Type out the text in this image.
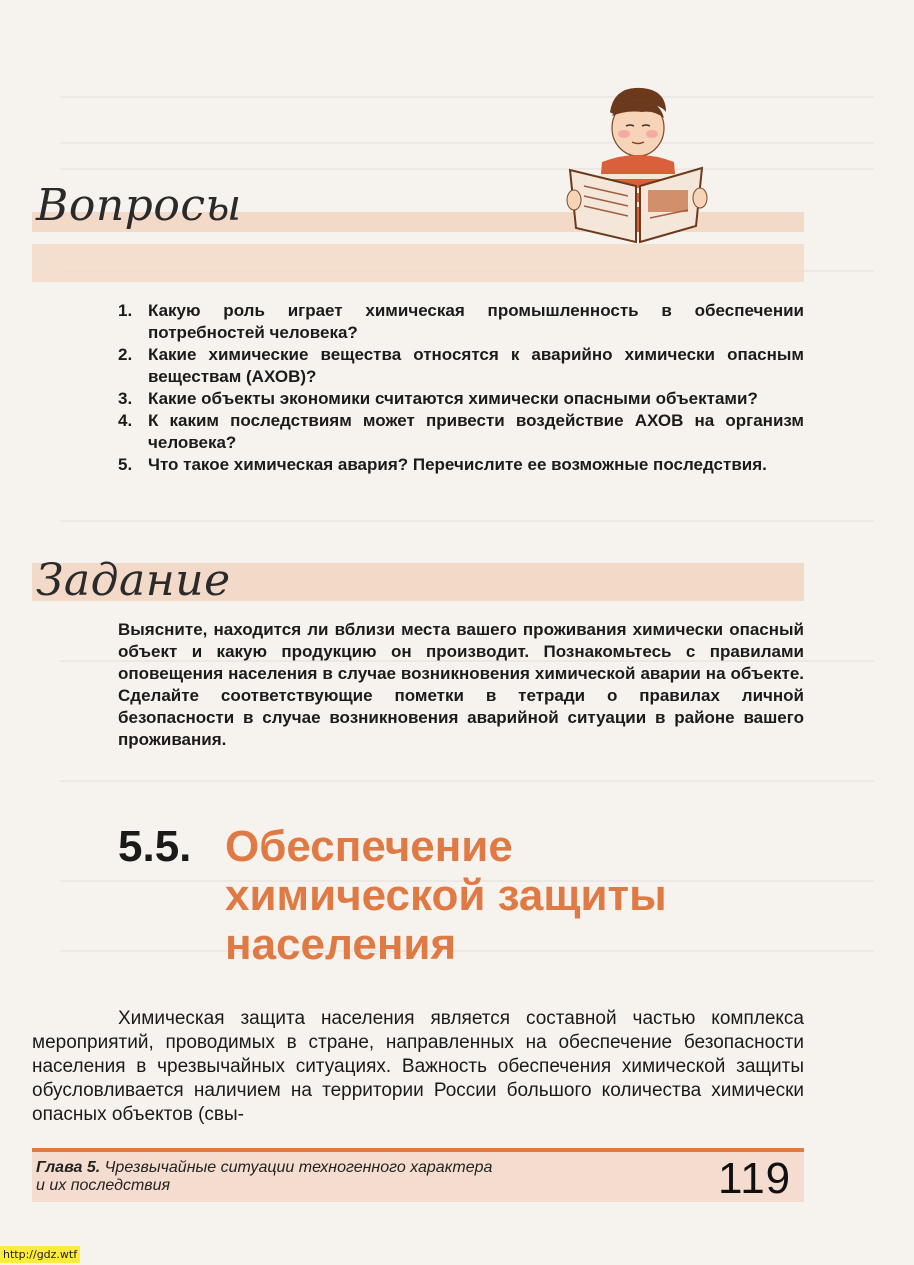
Вопросы
1. Какую роль играет химическая промышленность в обеспечении потребностей человека?
2. Какие химические вещества относятся к аварийно химически опасным веществам (АХОВ)?
3. Какие объекты экономики считаются химически опасными объектами?
4. К каким последствиям может привести воздействие АХОВ на организм человека?
5. Что такое химическая авария? Перечислите ее возможные последствия.
Задание

Выясните, находится ли вблизи места вашего проживания химически опасный объект и какую продукцию он производит. Познакомьтесь с правилами оповещения населения в случае возникновения химической аварии на объекте. Сделайте соответствующие пометки в тетради о правилах личной безопасности в случае возникновения аварийной ситуации в районе вашего проживания.

5.5. Обеспечение
химической защиты
населения

Химическая защита населения является составной частью комплекса мероприятий, проводимых в стране, направленных на обеспечение безопасности населения в чрезвычайных ситуациях. Важность обеспечения химической защиты обусловливается наличием на территории России большого количества химически опасных объектов (свы-

Глава 5. Чрезвычайные ситуации техногенного характера
и их последствия	119
http://gdz.wtf
